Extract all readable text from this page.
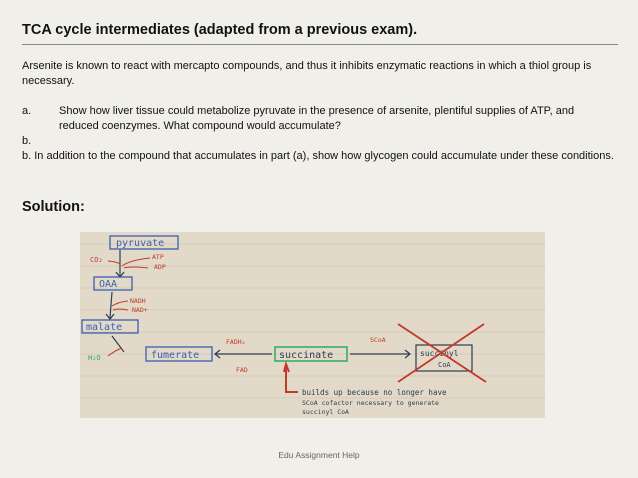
TCA cycle intermediates (adapted from a previous exam).

Arsenite is known to react with mercapto compounds, and thus it inhibits enzymatic reactions in which a thiol group is necessary.

a.	Show how liver tissue could metabolize pyruvate in the presence of arsenite, plentiful supplies of ATP, and reduced coenzymes. What compound would accumulate?

b.

b. In addition to the compound that accumulates in part (a), show how glycogen could accumulate under these conditions.

Solution:
pyruvate
CO₂	ATP
ADP
OAA
NADH
NAD+
malate
H₂O	fumerate
FADH₂
FAD
succinate
SCoA
succinyl
CoA
builds up because no longer have
SCoA cofactor necessary to generate
succinyl CoA
Edu Assignment Help
